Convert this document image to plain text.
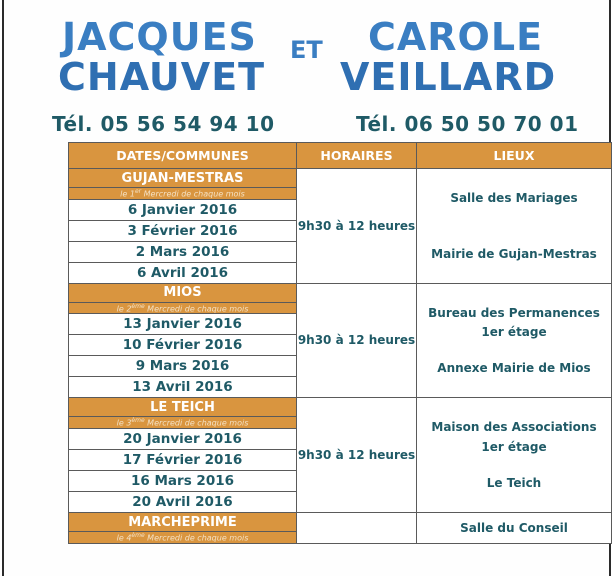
JACQUES
CHAUVET
ET CAROLE
VEILLARD
Tél. 05 56 54 94 10	Tél. 06 50 50 70 01
DATES/COMMUNES	HORAIRES	LIEUX
GUJAN-MESTRAS	9h30 à 12 heures	Salle des Mariages
Mairie de Gujan-Mestras

le 1er Mercredi de chaque mois		
6 Janvier 2016		
3 Février 2016		
2 Mars 2016		
6 Avril 2016		
MIOS	9h30 à 12 heures	Bureau des Permanences
1er étage
Annexe Mairie de Mios

le 2ème Mercredi de chaque mois		
13 Janvier 2016		
10 Février 2016		
9 Mars 2016		
13 Avril 2016		
LE TEICH	9h30 à 12 heures	Maison des Associations
1er étage
Le Teich

le 3ème Mercredi de chaque mois		
20 Janvier 2016		
17 Février 2016		
16 Mars 2016		
20 Avril 2016		
MARCHEPRIME		Salle du Conseil

le 4ème Mercredi de chaque mois		
